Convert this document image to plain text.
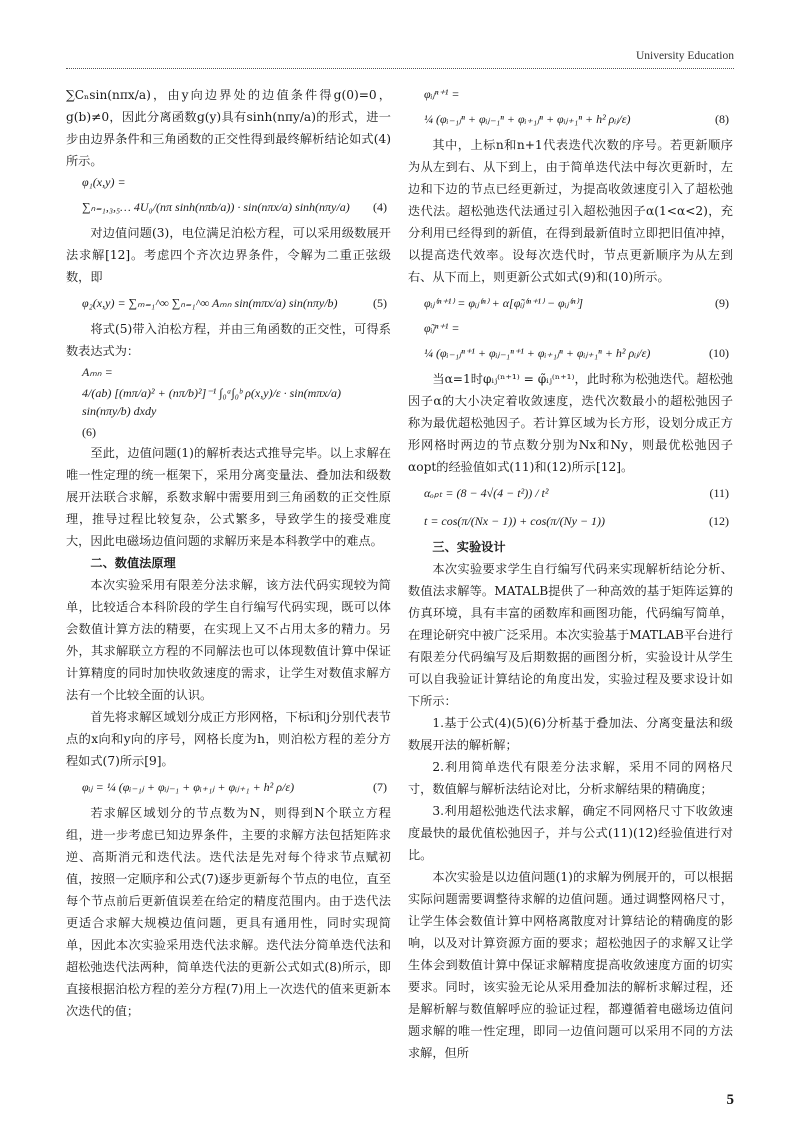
University Education

∑Cₙsin(nπx/a)，由y向边界处的边值条件得g(0)=0，g(b)≠0，因此分离函数g(y)具有sinh(nπy/a)的形式，进一步由边界条件和三角函数的正交性得到最终解析结论如式(4)所示。

φ₁(x,y) =
∑ₙ₌₁,₃,₅… 4U₀/(nπ sinh(nπb/a)) · sin(nπx/a) sinh(nπy/a)	(4)

对边值问题(3)，电位满足泊松方程，可以采用级数展开法求解[12]。考虑四个齐次边界条件，令解为二重正弦级数，即

φ₂(x,y) = ∑ₘ₌₁^∞ ∑ₙ₌₁^∞ Aₘₙ sin(mπx/a) sin(nπy/b)	(5)

将式(5)带入泊松方程，并由三角函数的正交性，可得系数表达式为：

Aₘₙ =
4/(ab) [(mπ/a)² + (nπ/b)²]⁻¹ ∫₀ᵃ∫₀ᵇ ρ(x,y)/ε · sin(mπx/a) sin(nπy/b) dxdy
(6)

至此，边值问题(1)的解析表达式推导完毕。以上求解在唯一性定理的统一框架下，采用分离变量法、叠加法和级数展开法联合求解，系数求解中需要用到三角函数的正交性原理，推导过程比较复杂，公式繁多，导致学生的接受难度大，因此电磁场边值问题的求解历来是本科教学中的难点。

二、数值法原理

本次实验采用有限差分法求解，该方法代码实现较为简单，比较适合本科阶段的学生自行编写代码实现，既可以体会数值计算方法的精要，在实现上又不占用太多的精力。另外，其求解联立方程的不同解法也可以体现数值计算中保证计算精度的同时加快收敛速度的需求，让学生对数值求解方法有一个比较全面的认识。

首先将求解区域划分成正方形网格，下标i和j分别代表节点的x向和y向的序号，网格长度为h，则泊松方程的差分方程如式(7)所示[9]。

φᵢⱼ = ¼ (φᵢ₋₁ⱼ + φᵢⱼ₋₁ + φᵢ₊₁ⱼ + φᵢⱼ₊₁ + h² ρ/ε)	(7)

若求解区域划分的节点数为N，则得到N个联立方程组，进一步考虑已知边界条件，主要的求解方法包括矩阵求逆、高斯消元和迭代法。迭代法是先对每个待求节点赋初值，按照一定顺序和公式(7)逐步更新每个节点的电位，直至每个节点前后更新值误差在给定的精度范围内。由于迭代法更适合求解大规模边值问题，更具有通用性，同时实现简单，因此本次实验采用迭代法求解。迭代法分简单迭代法和超松弛迭代法两种，简单迭代法的更新公式如式(8)所示，即直接根据泊松方程的差分方程(7)用上一次迭代的值来更新本次迭代的值；

φᵢⱼⁿ⁺¹ =
¼ (φᵢ₋₁ⱼⁿ + φᵢⱼ₋₁ⁿ + φᵢ₊₁ⱼⁿ + φᵢⱼ₊₁ⁿ + h² ρᵢⱼ/ε)	(8)

其中，上标n和n+1代表迭代次数的序号。若更新顺序为从左到右、从下到上，由于简单迭代法中每次更新时，左边和下边的节点已经更新过，为提高收敛速度引入了超松弛迭代法。超松弛迭代法通过引入超松弛因子α(1<α<2)，充分利用已经得到的新值，在得到最新值时立即把旧值冲掉，以提高迭代效率。设每次迭代时，节点更新顺序为从左到右、从下而上，则更新公式如式(9)和(10)所示。

φᵢⱼ⁽ⁿ⁺¹⁾ = φᵢⱼ⁽ⁿ⁾ + α[φ̃ᵢⱼ⁽ⁿ⁺¹⁾ − φᵢⱼ⁽ⁿ⁾]	(9)
φ̃ᵢⱼⁿ⁺¹ =
¼ (φᵢ₋₁ⱼⁿ⁺¹ + φᵢⱼ₋₁ⁿ⁺¹ + φᵢ₊₁ⱼⁿ + φᵢⱼ₊₁ⁿ + h² ρᵢⱼ/ε)	(10)

当α=1时φᵢⱼ⁽ⁿ⁺¹⁾ = φ̃ᵢⱼ⁽ⁿ⁺¹⁾，此时称为松弛迭代。超松弛因子α的大小决定着收敛速度，迭代次数最小的超松弛因子称为最优超松弛因子。若计算区域为长方形，设划分成正方形网格时两边的节点数分别为Nx和Ny，则最优松弛因子αopt的经验值如式(11)和(12)所示[12]。

αₒₚₜ = (8 − 4√(4 − t²)) / t²	(11)
t = cos(π/(Nx − 1)) + cos(π/(Ny − 1))	(12)

三、实验设计

本次实验要求学生自行编写代码来实现解析结论分析、数值法求解等。MATALB提供了一种高效的基于矩阵运算的仿真环境，具有丰富的函数库和画图功能，代码编写简单，在理论研究中被广泛采用。本次实验基于MATLAB平台进行有限差分代码编写及后期数据的画图分析，实验设计从学生可以自我验证计算结论的角度出发，实验过程及要求设计如下所示：

1.基于公式(4)(5)(6)分析基于叠加法、分离变量法和级数展开法的解析解；

2.利用简单迭代有限差分法求解，采用不同的网格尺寸，数值解与解析法结论对比，分析求解结果的精确度；

3.利用超松弛迭代法求解，确定不同网格尺寸下收敛速度最快的最优值松弛因子，并与公式(11)(12)经验值进行对比。

本次实验是以边值问题(1)的求解为例展开的，可以根据实际问题需要调整待求解的边值问题。通过调整网格尺寸，让学生体会数值计算中网格离散度对计算结论的精确度的影响，以及对计算资源方面的要求；超松弛因子的求解又让学生体会到数值计算中保证求解精度提高收敛速度方面的切实要求。同时，该实验无论从采用叠加法的解析求解过程，还是解析解与数值解呼应的验证过程，都遵循着电磁场边值问题求解的唯一性定理，即同一边值问题可以采用不同的方法求解，但所

5
